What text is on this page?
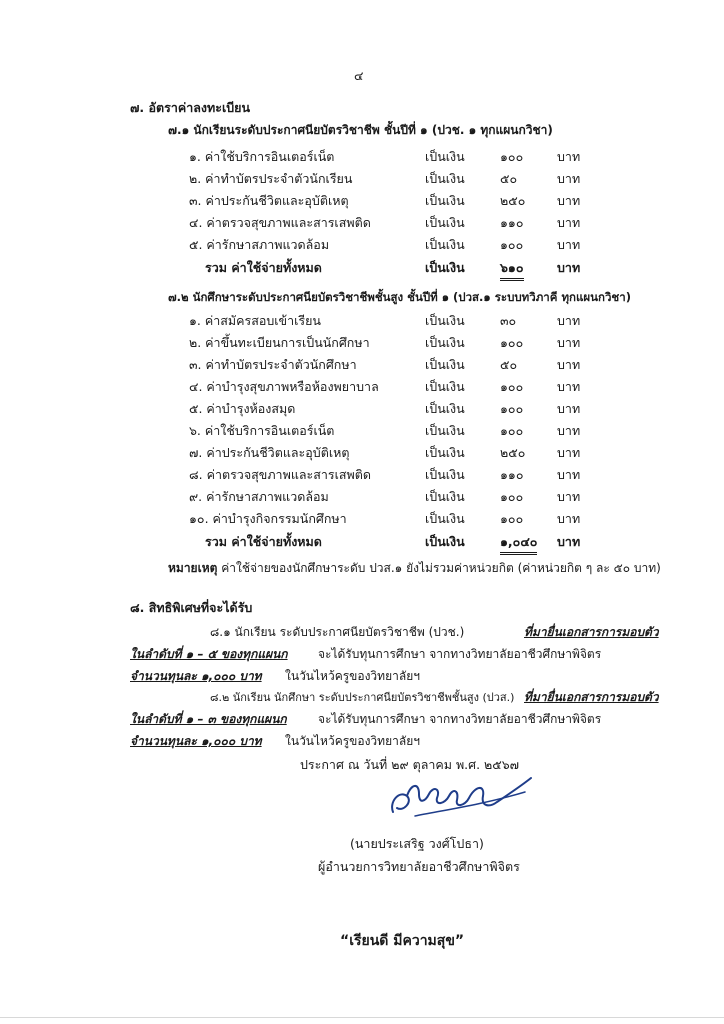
๔
๗. อัตราค่าลงทะเบียน
๗.๑ นักเรียนระดับประกาศนียบัตรวิชาชีพ ชั้นปีที่ ๑ (ปวช. ๑ ทุกแผนกวิชา)
๑. ค่าใช้บริการอินเตอร์เน็ต	เป็นเงิน	๑๐๐	บาท
๒. ค่าทำบัตรประจำตัวนักเรียน	เป็นเงิน	๕๐	บาท
๓. ค่าประกันชีวิตและอุบัติเหตุ	เป็นเงิน	๒๕๐	บาท
๔. ค่าตรวจสุขภาพและสารเสพติด	เป็นเงิน	๑๑๐	บาท
๕. ค่ารักษาสภาพแวดล้อม	เป็นเงิน	๑๐๐	บาท
รวม ค่าใช้จ่ายทั้งหมด	เป็นเงิน	๖๑๐	บาท
๗.๒ นักศึกษาระดับประกาศนียบัตรวิชาชีพชั้นสูง ชั้นปีที่ ๑ (ปวส.๑ ระบบทวิภาคี ทุกแผนกวิชา)
๑. ค่าสมัครสอบเข้าเรียน	เป็นเงิน	๓๐	บาท
๒. ค่าขึ้นทะเบียนการเป็นนักศึกษา	เป็นเงิน	๑๐๐	บาท
๓. ค่าทำบัตรประจำตัวนักศึกษา	เป็นเงิน	๕๐	บาท
๔. ค่าบำรุงสุขภาพหรือห้องพยาบาล	เป็นเงิน	๑๐๐	บาท
๕. ค่าบำรุงห้องสมุด	เป็นเงิน	๑๐๐	บาท
๖. ค่าใช้บริการอินเตอร์เน็ต	เป็นเงิน	๑๐๐	บาท
๗. ค่าประกันชีวิตและอุบัติเหตุ	เป็นเงิน	๒๕๐	บาท
๘. ค่าตรวจสุขภาพและสารเสพติด	เป็นเงิน	๑๑๐	บาท
๙. ค่ารักษาสภาพแวดล้อม	เป็นเงิน	๑๐๐	บาท
๑๐. ค่าบำรุงกิจกรรมนักศึกษา	เป็นเงิน	๑๐๐	บาท
รวม ค่าใช้จ่ายทั้งหมด	เป็นเงิน	๑,๐๔๐ บาท
หมายเหตุ ค่าใช้จ่ายของนักศึกษาระดับ ปวส.๑ ยังไม่รวมค่าหน่วยกิต (ค่าหน่วยกิต ๆ ละ ๕๐ บาท)
๘. สิทธิพิเศษที่จะได้รับ
๘.๑ นักเรียน ระดับประกาศนียบัตรวิชาชีพ (ปวช.)	ที่มายื่นเอกสารการมอบตัว
ในลำดับที่ ๑ – ๕ ของทุกแผนก	จะได้รับทุนการศึกษา จากทางวิทยาลัยอาชีวศึกษาพิจิตร
จำนวนทุนละ ๑,๐๐๐ บาท ในวันไหว้ครูของวิทยาลัยฯ
๘.๒ นักเรียน นักศึกษา ระดับประกาศนียบัตรวิชาชีพชั้นสูง (ปวส.) ที่มายื่นเอกสารการมอบตัว
ในลำดับที่ ๑ – ๓ ของทุกแผนก	จะได้รับทุนการศึกษา จากทางวิทยาลัยอาชีวศึกษาพิจิตร
จำนวนทุนละ ๑,๐๐๐ บาท ในวันไหว้ครูของวิทยาลัยฯ
ประกาศ ณ วันที่ ๒๙ ตุลาคม พ.ศ. ๒๕๖๗
(นายประเสริฐ วงศ์โปธา)
ผู้อำนวยการวิทยาลัยอาชีวศึกษาพิจิตร
“เรียนดี มีความสุข”
